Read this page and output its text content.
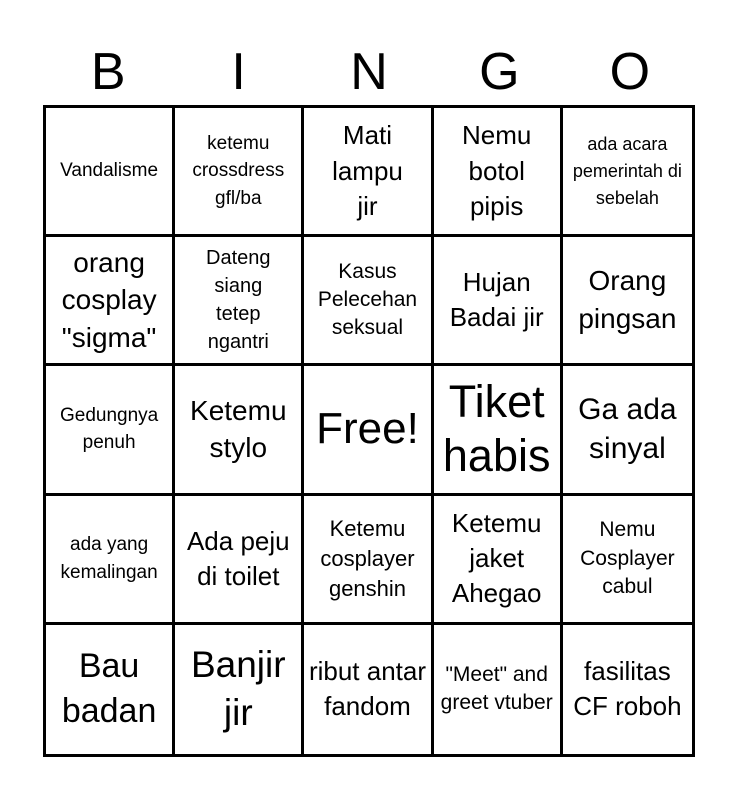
B	I	N	G	O
Vandalisme
ketemu crossdress gfl/ba
Mati lampu jir
Nemu botol pipis
ada acara pemerintah di sebelah
orang cosplay "sigma"
Dateng siang tetep ngantri
Kasus Pelecehan seksual
Hujan Badai jir
Orang pingsan
Gedungnya penuh
Ketemu stylo	Free!
Tiket habis
Ga ada sinyal
ada yang kemalingan
Ada peju di toilet
Ketemu cosplayer genshin
Ketemu jaket Ahegao
Nemu Cosplayer cabul
Bau badan
Banjir jir
ribut antar fandom
"Meet" and greet vtuber
fasilitas CF roboh
